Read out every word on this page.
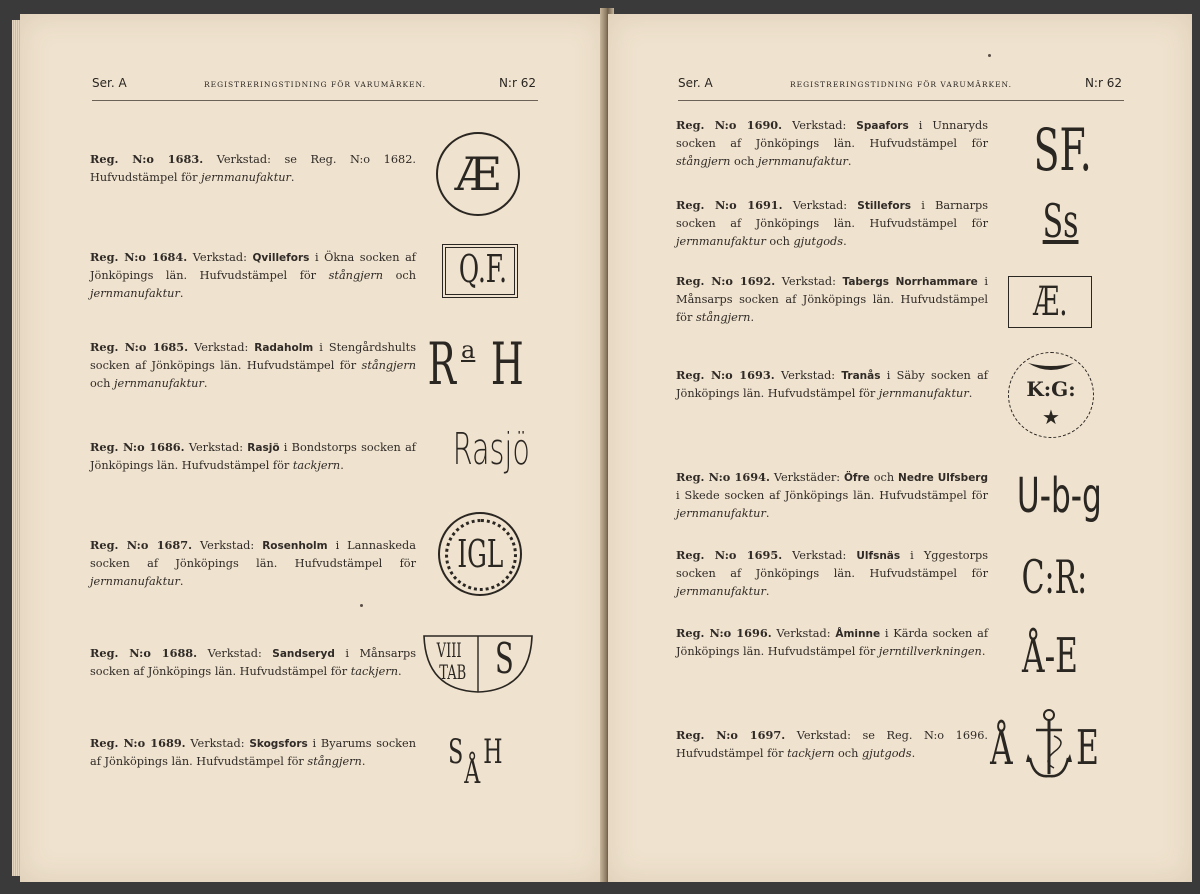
Ser. A	REGISTRERINGSTIDNING FÖR VARUMÄRKEN.	N:r 62
Reg. N:o 1683. Verkstad: se Reg. N:o 1682. Hufvudstämpel för jernmanufaktur.
Reg. N:o 1684. Verkstad: Qvillefors i Ökna socken af Jönköpings län. Hufvudstämpel för stångjern och jernmanufaktur.
Reg. N:o 1685. Verkstad: Radaholm i Stengårdshults socken af Jönköpings län. Hufvudstämpel för stångjern och jernmanufaktur.
Reg. N:o 1686. Verkstad: Rasjö i Bondstorps socken af Jönköpings län. Hufvudstämpel för tackjern.
Reg. N:o 1687. Verkstad: Rosenholm i Lannaskeda socken af Jönköpings län. Hufvudstämpel för jernmanufaktur.
Reg. N:o 1688. Verkstad: Sandseryd i Månsarps socken af Jönköpings län. Hufvudstämpel för tackjern.
Reg. N:o 1689. Verkstad: Skogsfors i Byarums socken af Jönköpings län. Hufvudstämpel för stångjern.
Æ
Q.F.
R a H
Rasjö
IGL
VIII
TAB S
S H
Å
Ser. A	REGISTRERINGSTIDNING FÖR VARUMÄRKEN.	N:r 62
Reg. N:o 1690. Verkstad: Spaafors i Unnaryds socken af Jönköpings län. Hufvudstämpel för stångjern och jernmanufaktur.
Reg. N:o 1691. Verkstad: Stillefors i Barnarps socken af Jönköpings län. Hufvudstämpel för jernmanufaktur och gjutgods.
Reg. N:o 1692. Verkstad: Tabergs Norrhammare i Månsarps socken af Jönköpings län. Hufvudstämpel för stångjern.
Reg. N:o 1693. Verkstad: Tranås i Säby socken af Jönköpings län. Hufvudstämpel för jernmanufaktur.
Reg. N:o 1694. Verkstäder: Öfre och Nedre Ulfsberg i Skede socken af Jönköpings län. Hufvudstämpel för jernmanufaktur.
Reg. N:o 1695. Verkstad: Ulfsnäs i Yggestorps socken af Jönköpings län. Hufvudstämpel för jernmanufaktur.
Reg. N:o 1696. Verkstad: Åminne i Kärda socken af Jönköpings län. Hufvudstämpel för jerntillverkningen.
Reg. N:o 1697. Verkstad: se Reg. N:o 1696. Hufvudstämpel för tackjern och gjutgods.
SF.
Ss
Æ.
K:G:
★
U-b-g
C:R:
Å-E
Å E
